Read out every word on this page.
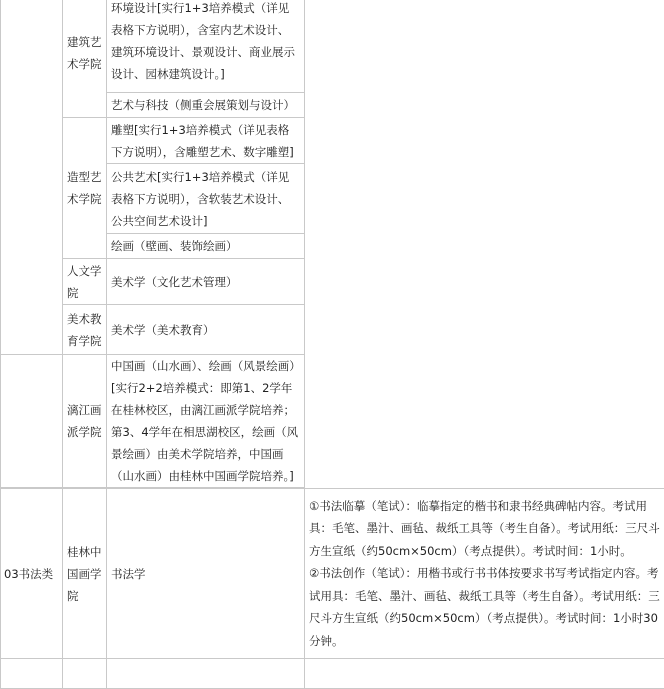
	建筑艺术学院	环境设计[实行1+3培养模式（详见表格下方说明），含室内艺术设计、建筑环境设计、景观设计、商业展示设计、园林建筑设计。]	

		艺术与科技（侧重会展策划与设计）	
	造型艺术学院	雕塑[实行1+3培养模式（详见表格下方说明），含雕塑艺术、数字雕塑]	
		公共艺术[实行1+3培养模式（详见表格下方说明），含软装艺术设计、公共空间艺术设计]	
		绘画（壁画、装饰绘画）	
	人文学院	美术学（文化艺术管理）	
	美术教育学院	美术学（美术教育）	
	漓江画派学院	中国画（山水画）、绘画（风景绘画）[实行2+2培养模式：即第1、2学年在桂林校区，由漓江画派学院培养；第3、4学年在相思湖校区，绘画（风景绘画）由美术学院培养，中国画（山水画）由桂林中国画学院培养。]	

03书法类	桂林中国画学院	书法学	①书法临摹（笔试）：临摹指定的楷书和隶书经典碑帖内容。考试用具：毛笔、墨汁、画毡、裁纸工具等（考生自备）。考试用纸：三尺斗方生宣纸（约50cm×50cm）（考点提供）。考试时间：1小时。
②书法创作（笔试）：用楷书或行书书体按要求书写考试指定内容。考试用具：毛笔、墨汁、画毡、裁纸工具等（考生自备）。考试用纸：三尺斗方生宣纸（约50cm×50cm）（考点提供）。考试时间：1小时30分钟。
